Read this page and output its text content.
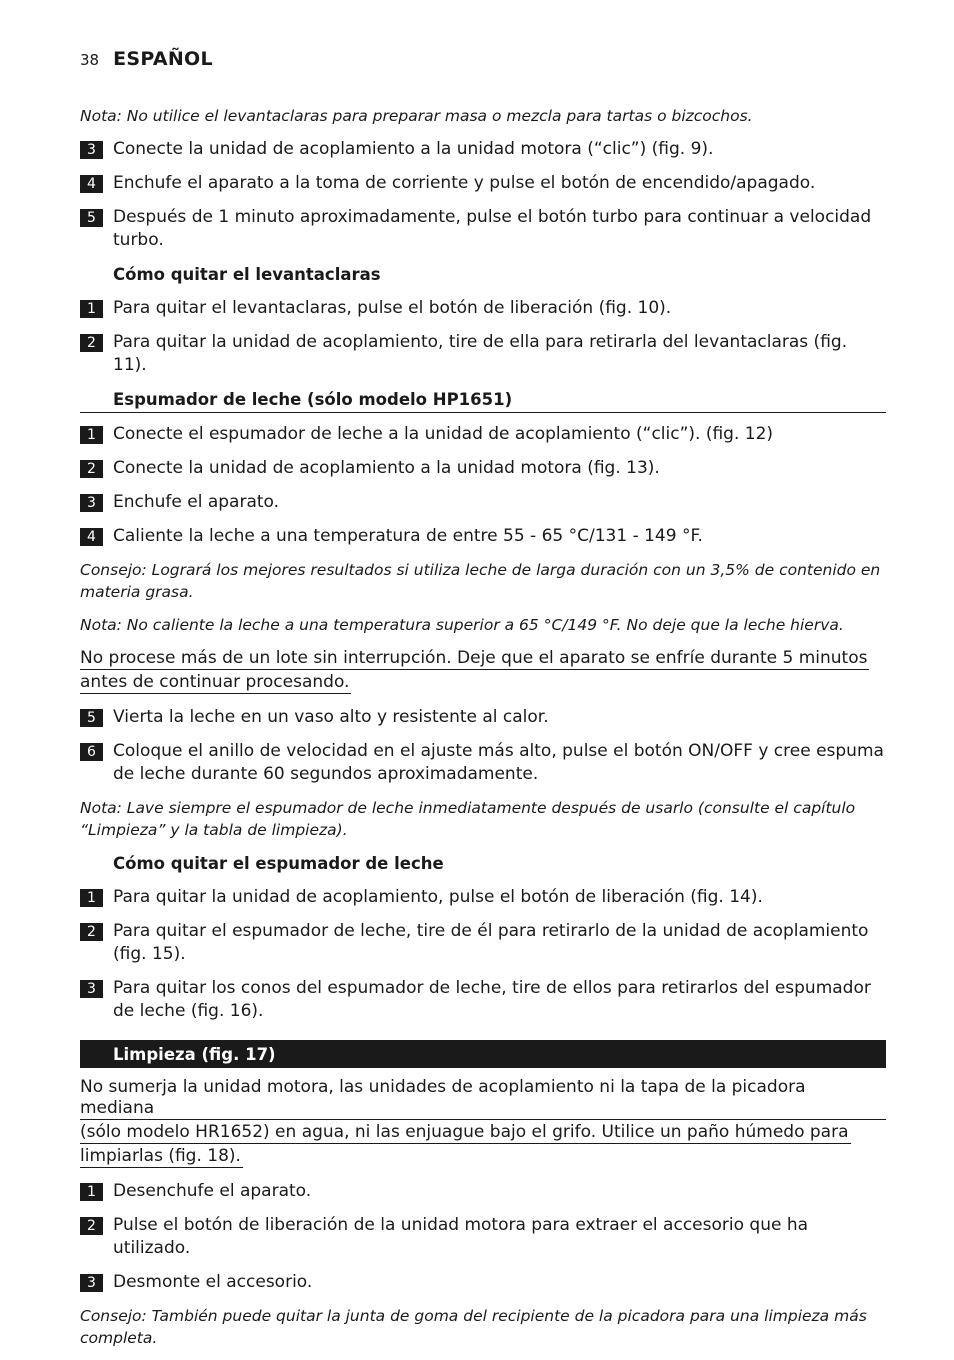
38 ESPAÑOL
Nota: No utilice el levantaclaras para preparar masa o mezcla para tartas o bizcochos.
3	Conecte la unidad de acoplamiento a la unidad motora (“clic”) (fig. 9).
4	Enchufe el aparato a la toma de corriente y pulse el botón de encendido/apagado.
5	Después de 1 minuto aproximadamente, pulse el botón turbo para continuar a velocidad turbo.
Cómo quitar el levantaclaras
1	Para quitar el levantaclaras, pulse el botón de liberación (fig. 10).
2	Para quitar la unidad de acoplamiento, tire de ella para retirarla del levantaclaras (fig. 11).
Espumador de leche (sólo modelo HP1651)
1	Conecte el espumador de leche a la unidad de acoplamiento (“clic”). (fig. 12)
2	Conecte la unidad de acoplamiento a la unidad motora (fig. 13).
3	Enchufe el aparato.
4	Caliente la leche a una temperatura de entre 55 - 65 °C/131 - 149 °F.
Consejo: Logrará los mejores resultados si utiliza leche de larga duración con un 3,5% de contenido en materia grasa.
Nota: No caliente la leche a una temperatura superior a 65 °C/149 °F. No deje que la leche hierva.
No procese más de un lote sin interrupción. Deje que el aparato se enfríe durante 5 minutos
antes de continuar procesando.
5	Vierta la leche en un vaso alto y resistente al calor.
6	Coloque el anillo de velocidad en el ajuste más alto, pulse el botón ON/OFF y cree espuma de leche durante 60 segundos aproximadamente.
Nota: Lave siempre el espumador de leche inmediatamente después de usarlo (consulte el capítulo “Limpieza” y la tabla de limpieza).
Cómo quitar el espumador de leche
1	Para quitar la unidad de acoplamiento, pulse el botón de liberación (fig. 14).
2	Para quitar el espumador de leche, tire de él para retirarlo de la unidad de acoplamiento (fig. 15).
3	Para quitar los conos del espumador de leche, tire de ellos para retirarlos del espumador de leche (fig. 16).
Limpieza (fig. 17)
No sumerja la unidad motora, las unidades de acoplamiento ni la tapa de la picadora mediana
(sólo modelo HR1652) en agua, ni las enjuague bajo el grifo. Utilice un paño húmedo para
limpiarlas (fig. 18).
1	Desenchufe el aparato.
2	Pulse el botón de liberación de la unidad motora para extraer el accesorio que ha utilizado.
3	Desmonte el accesorio.
Consejo: También puede quitar la junta de goma del recipiente de la picadora para una limpieza más completa.
